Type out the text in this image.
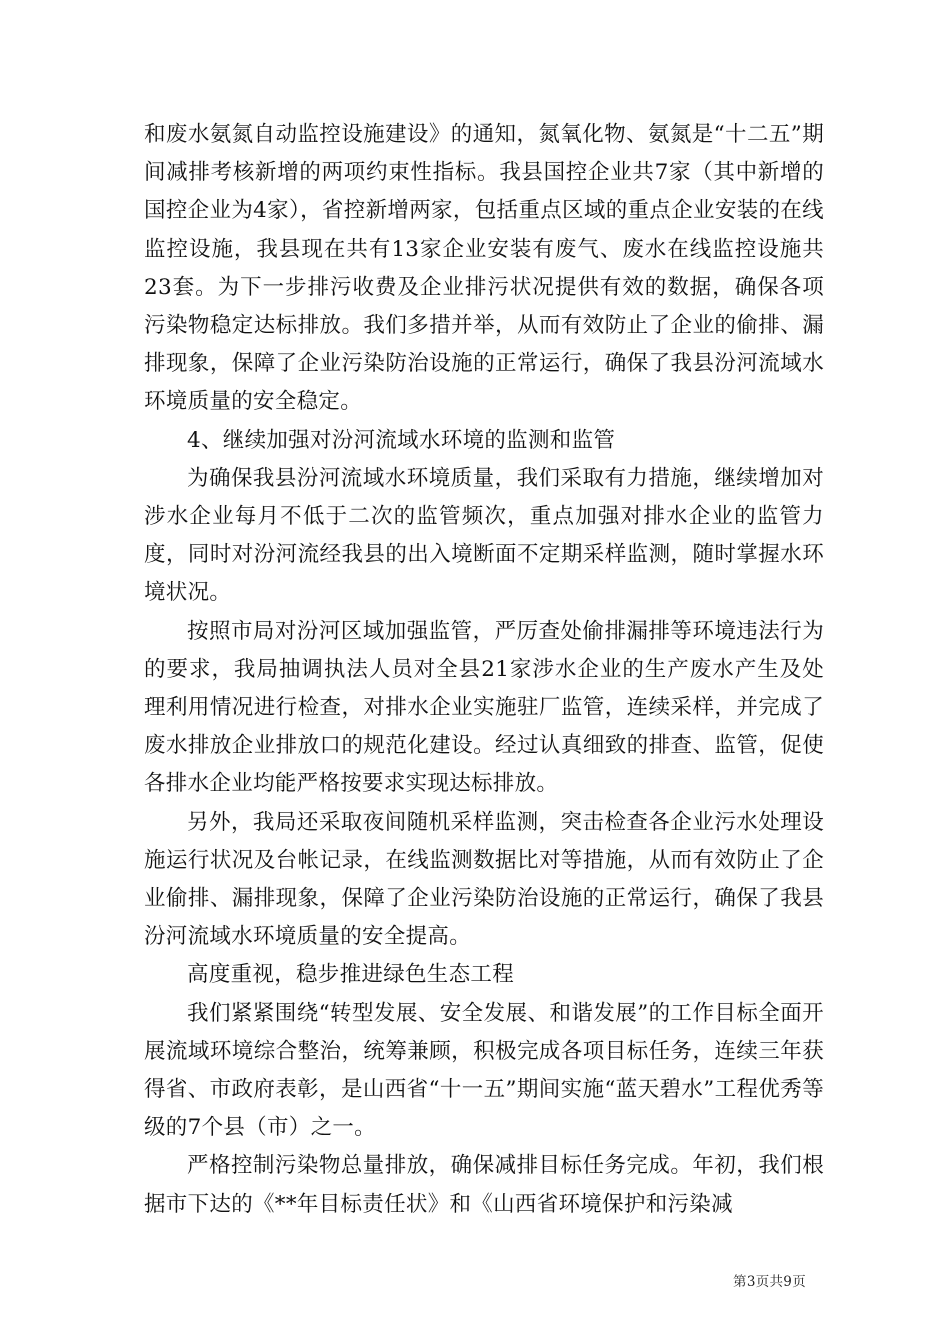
和废水氨氮自动监控设施建设》的通知，氮氧化物、氨氮是“十二五”期间减排考核新增的两项约束性指标。我县国控企业共7家（其中新增的国控企业为4家），省控新增两家，包括重点区域的重点企业安装的在线监控设施，我县现在共有13家企业安装有废气、废水在线监控设施共23套。为下一步排污收费及企业排污状况提供有效的数据，确保各项污染物稳定达标排放。我们多措并举，从而有效防止了企业的偷排、漏排现象，保障了企业污染防治设施的正常运行，确保了我县汾河流域水环境质量的安全稳定。

4、继续加强对汾河流域水环境的监测和监管

为确保我县汾河流域水环境质量，我们采取有力措施，继续增加对涉水企业每月不低于二次的监管频次，重点加强对排水企业的监管力度，同时对汾河流经我县的出入境断面不定期采样监测，随时掌握水环境状况。

按照市局对汾河区域加强监管，严厉查处偷排漏排等环境违法行为的要求，我局抽调执法人员对全县21家涉水企业的生产废水产生及处理利用情况进行检查，对排水企业实施驻厂监管，连续采样，并完成了废水排放企业排放口的规范化建设。经过认真细致的排查、监管，促使各排水企业均能严格按要求实现达标排放。

另外，我局还采取夜间随机采样监测，突击检查各企业污水处理设施运行状况及台帐记录，在线监测数据比对等措施，从而有效防止了企业偷排、漏排现象，保障了企业污染防治设施的正常运行，确保了我县汾河流域水环境质量的安全提高。

高度重视，稳步推进绿色生态工程

我们紧紧围绕“转型发展、安全发展、和谐发展”的工作目标全面开展流域环境综合整治，统筹兼顾，积极完成各项目标任务，连续三年获得省、市政府表彰，是山西省“十一五”期间实施“蓝天碧水”工程优秀等级的7个县（市）之一。

严格控制污染物总量排放，确保减排目标任务完成。年初，我们根据市下达的《**年目标责任状》和《山西省环境保护和污染减

第3页共9页
